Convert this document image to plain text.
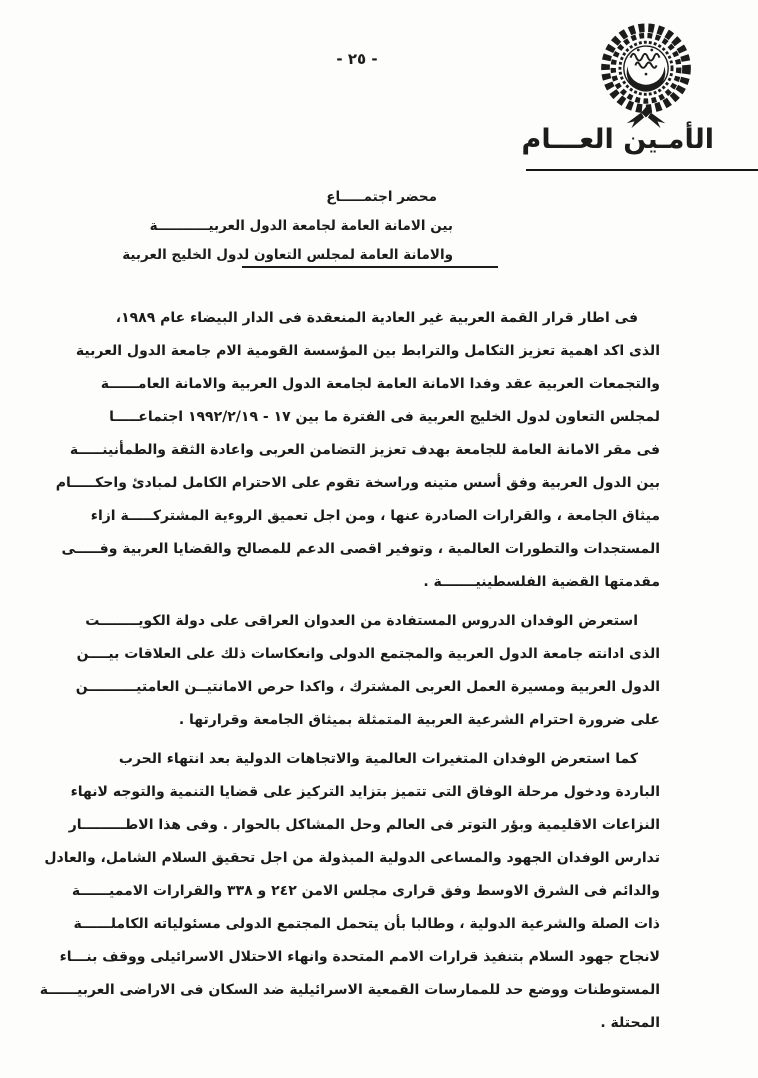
- ٢٥ -
الأمـين العـــام
محضر اجتمـــــاع
بين الامانة العامة لجامعة الدول العربيـــــــــــة
والامانة العامة لمجلس التعاون لدول الخليج العربية
فى اطار قرار القمة العربية غير العادية المنعقدة فى الدار البيضاء عام ١٩٨٩،
الذى اكد اهمية تعزيز التكامل والترابط بين المؤسسة القومية الام جامعة الدول العربية
والتجمعات العربية عقد وفدا الامانة العامة لجامعة الدول العربية والامانة العامــــــة
لمجلس التعاون لدول الخليج العربية فى الفترة ما بين ١٧ - ١٩٩٢/٢/١٩ اجتماعـــــا
فى مقر الامانة العامة للجامعة بهدف تعزيز التضامن العربى واعادة الثقة والطمأنينـــــة
بين الدول العربية وفق أسس متينه وراسخة تقوم على الاحترام الكامل لمبادئ واحكـــــام
ميثاق الجامعة ، والقرارات الصادرة عنها ، ومن اجل تعميق الروءية المشتركـــــة ازاء
المستجدات والتطورات العالمية ، وتوفير اقصى الدعم للمصالح والقضايا العربية وفـــــى
مقدمتها القضية الفلسطينيـــــــة .
استعرض الوفدان الدروس المستفادة من العدوان العراقى على دولة الكويــــــــت
الذى ادانته جامعة الدول العربية والمجتمع الدولى وانعكاسات ذلك على العلاقات بيــــن
الدول العربية ومسيرة العمل العربى المشترك ، واكدا حرص الامانتيــن العامتيــــــــــن
على ضرورة احترام الشرعية العربية المتمثلة بميثاق الجامعة وقرارتها .
كما استعرض الوفدان المتغيرات العالمية والاتجاهات الدولية بعد انتهاء الحرب
الباردة ودخول مرحلة الوفاق التى تتميز بتزايد التركيز على قضايا التنمية والتوجه لانهاء
النزاعات الاقليمية وبؤر التوتر فى العالم وحل المشاكل بالحوار . وفى هذا الاطـــــــــار
تدارس الوفدان الجهود والمساعى الدولية المبذولة من اجل تحقيق السلام الشامل، والعادل
والدائم فى الشرق الاوسط وفق قرارى مجلس الامن ٢٤٢ و ٣٣٨ والقرارات الامميــــــة
ذات الصلة والشرعية الدولية ، وطالبا بأن يتحمل المجتمع الدولى مسئولياته الكاملــــــة
لانجاح جهود السلام بتنفيذ قرارات الامم المتحدة وانهاء الاحتلال الاسرائيلى ووقف بنـــاء
المستوطنات ووضع حد للممارسات القمعية الاسرائيلية ضد السكان فى الاراضى العربيــــــة
المحتلة .
